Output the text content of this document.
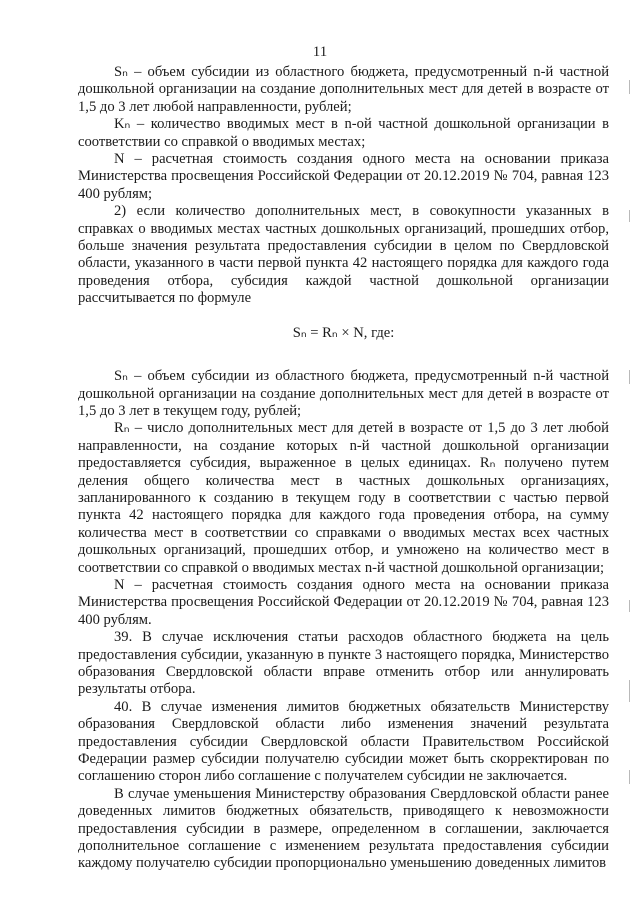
11

Sₙ – объем субсидии из областного бюджета, предусмотренный n-й частной дошкольной организации на создание дополнительных мест для детей в возрасте от 1,5 до 3 лет любой направленности, рублей;

Kₙ – количество вводимых мест в n-ой частной дошкольной организации в соответствии со справкой о вводимых местах;

N – расчетная стоимость создания одного места на основании приказа Министерства просвещения Российской Федерации от 20.12.2019 № 704, равная 123 400 рублям;

2) если количество дополнительных мест, в совокупности указанных в справках о вводимых местах частных дошкольных организаций, прошедших отбор, больше значения результата предоставления субсидии в целом по Свердловской области, указанного в части первой пункта 42 настоящего порядка для каждого года проведения отбора, субсидия каждой частной дошкольной организации рассчитывается по формуле

Sₙ = Rₙ × N, где:

Sₙ – объем субсидии из областного бюджета, предусмотренный n-й частной дошкольной организации на создание дополнительных мест для детей в возрасте от 1,5 до 3 лет в текущем году, рублей;

Rₙ – число дополнительных мест для детей в возрасте от 1,5 до 3 лет любой направленности, на создание которых n-й частной дошкольной организации предоставляется субсидия, выраженное в целых единицах. Rₙ получено путем деления общего количества мест в частных дошкольных организациях, запланированного к созданию в текущем году в соответствии с частью первой пункта 42 настоящего порядка для каждого года проведения отбора, на сумму количества мест в соответствии со справками о вводимых местах всех частных дошкольных организаций, прошедших отбор, и умножено на количество мест в соответствии со справкой о вводимых местах n-й частной дошкольной организации;

N – расчетная стоимость создания одного места на основании приказа Министерства просвещения Российской Федерации от 20.12.2019 № 704, равная 123 400 рублям.

39. В случае исключения статьи расходов областного бюджета на цель предоставления субсидии, указанную в пункте 3 настоящего порядка, Министерство образования Свердловской области вправе отменить отбор или аннулировать результаты отбора.

40. В случае изменения лимитов бюджетных обязательств Министерству образования Свердловской области либо изменения значений результата предоставления субсидии Свердловской области Правительством Российской Федерации размер субсидии получателю субсидии может быть скорректирован по соглашению сторон либо соглашение с получателем субсидии не заключается.

В случае уменьшения Министерству образования Свердловской области ранее доведенных лимитов бюджетных обязательств, приводящего к невозможности предоставления субсидии в размере, определенном в соглашении, заключается дополнительное соглашение с изменением результата предоставления субсидии каждому получателю субсидии пропорционально уменьшению доведенных лимитов
